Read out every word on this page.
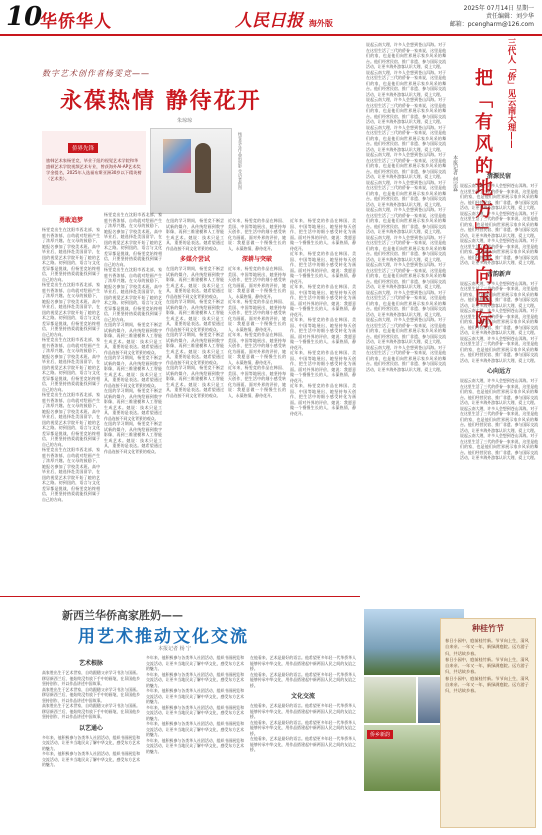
10
华侨华人	人民日报 海外版
2025年 07月14日 星期一
责任编辑：刘少华
邮箱：pcengharm@126.com
数字艺术创作者杨雯竞——
永葆热情 静待花开
朱琼琼
侨界先锋
旅韩艺术家杨雯竞，毕业于纽约视觉艺术学院和华盛顿艺术学院视频艺术专业，曾获海外AI-AP艺术奖学金提名，2025年入选福布斯亚洲30岁以下精英榜（艺术类）。	杨雯竞在作品前留影 受访者供图
勇敢追梦
杨雯竞出生在沈阳市西北部，家庭书香浓郁，自幼就对绘画产生了浓厚兴趣。在父母的鼓励下，她报名参加了学校美术班。高中毕业后，她选择赴美国留学，在纽约视觉艺术学院开始了她的艺术之路。初到纽约，语言与文化差异都是挑战，但杨雯竞始终相信，只要坚持热爱就能找到属于自己的方向。
杨雯竞出生在沈阳市西北部，家庭书香浓郁，自幼就对绘画产生了浓厚兴趣。在父母的鼓励下，她报名参加了学校美术班。高中毕业后，她选择赴美国留学，在纽约视觉艺术学院开始了她的艺术之路。初到纽约，语言与文化差异都是挑战，但杨雯竞始终相信，只要坚持热爱就能找到属于自己的方向。
杨雯竞出生在沈阳市西北部，家庭书香浓郁，自幼就对绘画产生了浓厚兴趣。在父母的鼓励下，她报名参加了学校美术班。高中毕业后，她选择赴美国留学，在纽约视觉艺术学院开始了她的艺术之路。初到纽约，语言与文化差异都是挑战，但杨雯竞始终相信，只要坚持热爱就能找到属于自己的方向。
杨雯竞出生在沈阳市西北部，家庭书香浓郁，自幼就对绘画产生了浓厚兴趣。在父母的鼓励下，她报名参加了学校美术班。高中毕业后，她选择赴美国留学，在纽约视觉艺术学院开始了她的艺术之路。初到纽约，语言与文化差异都是挑战，但杨雯竞始终相信，只要坚持热爱就能找到属于自己的方向。
杨雯竞出生在沈阳市西北部，家庭书香浓郁，自幼就对绘画产生了浓厚兴趣。在父母的鼓励下，她报名参加了学校美术班。高中毕业后，她选择赴美国留学，在纽约视觉艺术学院开始了她的艺术之路。初到纽约，语言与文化差异都是挑战，但杨雯竞始终相信，只要坚持热爱就能找到属于自己的方向。
杨雯竞出生在沈阳市西北部，家庭书香浓郁，自幼就对绘画产生了浓厚兴趣。在父母的鼓励下，她报名参加了学校美术班。高中毕业后，她选择赴美国留学，在纽约视觉艺术学院开始了她的艺术之路。初到纽约，语言与文化差异都是挑战，但杨雯竞始终相信，只要坚持热爱就能找到属于自己的方向。
杨雯竞出生在沈阳市西北部，家庭书香浓郁，自幼就对绘画产生了浓厚兴趣。在父母的鼓励下，她报名参加了学校美术班。高中毕业后，她选择赴美国留学，在纽约视觉艺术学院开始了她的艺术之路。初到纽约，语言与文化差异都是挑战，但杨雯竞始终相信，只要坚持热爱就能找到属于自己的方向。
在纽约学习期间，杨雯竞不断尝试新的媒介，从传统绘画到数字影像，再到三维建模和人工智能生成艺术。她说：技术只是工具，重要的是表达。她希望通过作品连接不同文化背景的观众。
在纽约学习期间，杨雯竞不断尝试新的媒介，从传统绘画到数字影像，再到三维建模和人工智能生成艺术。她说：技术只是工具，重要的是表达。她希望通过作品连接不同文化背景的观众。
在纽约学习期间，杨雯竞不断尝试新的媒介，从传统绘画到数字影像，再到三维建模和人工智能生成艺术。她说：技术只是工具，重要的是表达。她希望通过作品连接不同文化背景的观众。
在纽约学习期间，杨雯竞不断尝试新的媒介，从传统绘画到数字影像，再到三维建模和人工智能生成艺术。她说：技术只是工具，重要的是表达。她希望通过作品连接不同文化背景的观众。
在纽约学习期间，杨雯竞不断尝试新的媒介，从传统绘画到数字影像，再到三维建模和人工智能生成艺术。她说：技术只是工具，重要的是表达。她希望通过作品连接不同文化背景的观众。
多媒介尝试
在纽约学习期间，杨雯竞不断尝试新的媒介，从传统绘画到数字影像，再到三维建模和人工智能生成艺术。她说：技术只是工具，重要的是表达。她希望通过作品连接不同文化背景的观众。
在纽约学习期间，杨雯竞不断尝试新的媒介，从传统绘画到数字影像，再到三维建模和人工智能生成艺术。她说：技术只是工具，重要的是表达。她希望通过作品连接不同文化背景的观众。
在纽约学习期间，杨雯竞不断尝试新的媒介，从传统绘画到数字影像，再到三维建模和人工智能生成艺术。她说：技术只是工具，重要的是表达。她希望通过作品连接不同文化背景的观众。
在纽约学习期间，杨雯竞不断尝试新的媒介，从传统绘画到数字影像，再到三维建模和人工智能生成艺术。她说：技术只是工具，重要的是表达。她希望通过作品连接不同文化背景的观众。
近年来，杨雯竞的作品在韩国、美国、中国等地展出，她坚持每天创作，把生活中的细小感受转化为画面。面对外界的评价，她说：我愿意做一个慢慢生长的人，永葆热情，静待花开。
深耕与突破
近年来，杨雯竞的作品在韩国、美国、中国等地展出，她坚持每天创作，把生活中的细小感受转化为画面。面对外界的评价，她说：我愿意做一个慢慢生长的人，永葆热情，静待花开。
近年来，杨雯竞的作品在韩国、美国、中国等地展出，她坚持每天创作，把生活中的细小感受转化为画面。面对外界的评价，她说：我愿意做一个慢慢生长的人，永葆热情，静待花开。
近年来，杨雯竞的作品在韩国、美国、中国等地展出，她坚持每天创作，把生活中的细小感受转化为画面。面对外界的评价，她说：我愿意做一个慢慢生长的人，永葆热情，静待花开。
近年来，杨雯竞的作品在韩国、美国、中国等地展出，她坚持每天创作，把生活中的细小感受转化为画面。面对外界的评价，她说：我愿意做一个慢慢生长的人，永葆热情，静待花开。
近年来，杨雯竞的作品在韩国、美国、中国等地展出，她坚持每天创作，把生活中的细小感受转化为画面。面对外界的评价，她说：我愿意做一个慢慢生长的人，永葆热情，静待花开。
近年来，杨雯竞的作品在韩国、美国、中国等地展出，她坚持每天创作，把生活中的细小感受转化为画面。面对外界的评价，她说：我愿意做一个慢慢生长的人，永葆热情，静待花开。
近年来，杨雯竞的作品在韩国、美国、中国等地展出，她坚持每天创作，把生活中的细小感受转化为画面。面对外界的评价，她说：我愿意做一个慢慢生长的人，永葆热情，静待花开。
近年来，杨雯竞的作品在韩国、美国、中国等地展出，她坚持每天创作，把生活中的细小感受转化为画面。面对外界的评价，她说：我愿意做一个慢慢生长的人，永葆热情，静待花开。
近年来，杨雯竞的作品在韩国、美国、中国等地展出，她坚持每天创作，把生活中的细小感受转化为画面。面对外界的评价，她说：我愿意做一个慢慢生长的人，永葆热情，静待花开。
近年来，杨雯竞的作品在韩国、美国、中国等地展出，她坚持每天创作，把生活中的细小感受转化为画面。面对外界的评价，她说：我愿意做一个慢慢生长的人，永葆热情，静待花开。
新西兰华侨高家胜奶——
用艺术推动文化交流
本报记者 杨 宁
艺术根脉
高家胜出生于艺术世家，自幼跟随父亲学习书法与国画。移居新西兰后，他始终没有放下手中的画笔，在异国他乡坚持创作，并以作品讲述中国故事。
高家胜出生于艺术世家，自幼跟随父亲学习书法与国画。移居新西兰后，他始终没有放下手中的画笔，在异国他乡坚持创作，并以作品讲述中国故事。
高家胜出生于艺术世家，自幼跟随父亲学习书法与国画。移居新西兰后，他始终没有放下手中的画笔，在异国他乡坚持创作，并以作品讲述中国故事。
以艺通心
多年来，他积极参与各类华人社团活动，组织书画展览和交流活动，让更多当地民众了解中华文化，感受东方艺术的魅力。
多年来，他积极参与各类华人社团活动，组织书画展览和交流活动，让更多当地民众了解中华文化，感受东方艺术的魅力。
多年来，他积极参与各类华人社团活动，组织书画展览和交流活动，让更多当地民众了解中华文化，感受东方艺术的魅力。
多年来，他积极参与各类华人社团活动，组织书画展览和交流活动，让更多当地民众了解中华文化，感受东方艺术的魅力。
多年来，他积极参与各类华人社团活动，组织书画展览和交流活动，让更多当地民众了解中华文化，感受东方艺术的魅力。
多年来，他积极参与各类华人社团活动，组织书画展览和交流活动，让更多当地民众了解中华文化，感受东方艺术的魅力。
多年来，他积极参与各类华人社团活动，组织书画展览和交流活动，让更多当地民众了解中华文化，感受东方艺术的魅力。
多年来，他积极参与各类华人社团活动，组织书画展览和交流活动，让更多当地民众了解中华文化，感受东方艺术的魅力。
在他看来，艺术是最好的语言。他希望更多年轻一代华侨华人能够传承中华文化，用作品搭建起中新两国人民之间的友谊之桥。
在他看来，艺术是最好的语言。他希望更多年轻一代华侨华人能够传承中华文化，用作品搭建起中新两国人民之间的友谊之桥。
文化交流
在他看来，艺术是最好的语言。他希望更多年轻一代华侨华人能够传承中华文化，用作品搭建起中新两国人民之间的友谊之桥。
在他看来，艺术是最好的语言。他希望更多年轻一代华侨华人能够传承中华文化，用作品搭建起中新两国人民之间的友谊之桥。
在他看来，艺术是最好的语言。他希望更多年轻一代华侨华人能够传承中华文化，用作品搭建起中新两国人民之间的友谊之桥。
三代人「侨」见云南大理——
把「有风的地方」推向国际
本报记者 何宗霖
说起云南大理，许多人会想到苍山洱海。对于在这里生活了三代的侨眷一家来说，这里是他们的家，也是他们向世界展示家乡风采的舞台。他们经营民宿、推广非遗、参与国际交流活动，让更多海外游客认识大理、爱上大理。
说起云南大理，许多人会想到苍山洱海。对于在这里生活了三代的侨眷一家来说，这里是他们的家，也是他们向世界展示家乡风采的舞台。他们经营民宿、推广非遗、参与国际交流活动，让更多海外游客认识大理、爱上大理。
说起云南大理，许多人会想到苍山洱海。对于在这里生活了三代的侨眷一家来说，这里是他们的家，也是他们向世界展示家乡风采的舞台。他们经营民宿、推广非遗、参与国际交流活动，让更多海外游客认识大理、爱上大理。
说起云南大理，许多人会想到苍山洱海。对于在这里生活了三代的侨眷一家来说，这里是他们的家，也是他们向世界展示家乡风采的舞台。他们经营民宿、推广非遗、参与国际交流活动，让更多海外游客认识大理、爱上大理。
说起云南大理，许多人会想到苍山洱海。对于在这里生活了三代的侨眷一家来说，这里是他们的家，也是他们向世界展示家乡风采的舞台。他们经营民宿、推广非遗、参与国际交流活动，让更多海外游客认识大理、爱上大理。
说起云南大理，许多人会想到苍山洱海。对于在这里生活了三代的侨眷一家来说，这里是他们的家，也是他们向世界展示家乡风采的舞台。他们经营民宿、推广非遗、参与国际交流活动，让更多海外游客认识大理、爱上大理。
说起云南大理，许多人会想到苍山洱海。对于在这里生活了三代的侨眷一家来说，这里是他们的家，也是他们向世界展示家乡风采的舞台。他们经营民宿、推广非遗、参与国际交流活动，让更多海外游客认识大理、爱上大理。
说起云南大理，许多人会想到苍山洱海。对于在这里生活了三代的侨眷一家来说，这里是他们的家，也是他们向世界展示家乡风采的舞台。他们经营民宿、推广非遗、参与国际交流活动，让更多海外游客认识大理、爱上大理。
说起云南大理，许多人会想到苍山洱海。对于在这里生活了三代的侨眷一家来说，这里是他们的家，也是他们向世界展示家乡风采的舞台。他们经营民宿、推广非遗、参与国际交流活动，让更多海外游客认识大理、爱上大理。
说起云南大理，许多人会想到苍山洱海。对于在这里生活了三代的侨眷一家来说，这里是他们的家，也是他们向世界展示家乡风采的舞台。他们经营民宿、推广非遗、参与国际交流活动，让更多海外游客认识大理、爱上大理。
说起云南大理，许多人会想到苍山洱海。对于在这里生活了三代的侨眷一家来说，这里是他们的家，也是他们向世界展示家乡风采的舞台。他们经营民宿、推广非遗、参与国际交流活动，让更多海外游客认识大理、爱上大理。
说起云南大理，许多人会想到苍山洱海。对于在这里生活了三代的侨眷一家来说，这里是他们的家，也是他们向世界展示家乡风采的舞台。他们经营民宿、推广非遗、参与国际交流活动，让更多海外游客认识大理、爱上大理。
清源民宿
说起云南大理，许多人会想到苍山洱海。对于在这里生活了三代的侨眷一家来说，这里是他们的家，也是他们向世界展示家乡风采的舞台。他们经营民宿、推广非遗、参与国际交流活动，让更多海外游客认识大理、爱上大理。
说起云南大理，许多人会想到苍山洱海。对于在这里生活了三代的侨眷一家来说，这里是他们的家，也是他们向世界展示家乡风采的舞台。他们经营民宿、推广非遗、参与国际交流活动，让更多海外游客认识大理、爱上大理。
说起云南大理，许多人会想到苍山洱海。对于在这里生活了三代的侨眷一家来说，这里是他们的家，也是他们向世界展示家乡风采的舞台。他们经营民宿、推广非遗、参与国际交流活动，让更多海外游客认识大理、爱上大理。
古韵新声
说起云南大理，许多人会想到苍山洱海。对于在这里生活了三代的侨眷一家来说，这里是他们的家，也是他们向世界展示家乡风采的舞台。他们经营民宿、推广非遗、参与国际交流活动，让更多海外游客认识大理、爱上大理。
说起云南大理，许多人会想到苍山洱海。对于在这里生活了三代的侨眷一家来说，这里是他们的家，也是他们向世界展示家乡风采的舞台。他们经营民宿、推广非遗、参与国际交流活动，让更多海外游客认识大理、爱上大理。
说起云南大理，许多人会想到苍山洱海。对于在这里生活了三代的侨眷一家来说，这里是他们的家，也是他们向世界展示家乡风采的舞台。他们经营民宿、推广非遗、参与国际交流活动，让更多海外游客认识大理、爱上大理。
心向远方
说起云南大理，许多人会想到苍山洱海。对于在这里生活了三代的侨眷一家来说，这里是他们的家，也是他们向世界展示家乡风采的舞台。他们经营民宿、推广非遗、参与国际交流活动，让更多海外游客认识大理、爱上大理。
说起云南大理，许多人会想到苍山洱海。对于在这里生活了三代的侨眷一家来说，这里是他们的家，也是他们向世界展示家乡风采的舞台。他们经营民宿、推广非遗、参与国际交流活动，让更多海外游客认识大理、爱上大理。
说起云南大理，许多人会想到苍山洱海。对于在这里生活了三代的侨眷一家来说，这里是他们的家，也是他们向世界展示家乡风采的舞台。他们经营民宿、推广非遗、参与国际交流活动，让更多海外游客认识大理、爱上大理。
侨乡新韵
种桂竹节
春日小园中，庭前桂竹新。节节向上生，清风自来亲。一年又一年，新绿满庭院。远方游子归，共话故乡春。
春日小园中，庭前桂竹新。节节向上生，清风自来亲。一年又一年，新绿满庭院。远方游子归，共话故乡春。
春日小园中，庭前桂竹新。节节向上生，清风自来亲。一年又一年，新绿满庭院。远方游子归，共话故乡春。
